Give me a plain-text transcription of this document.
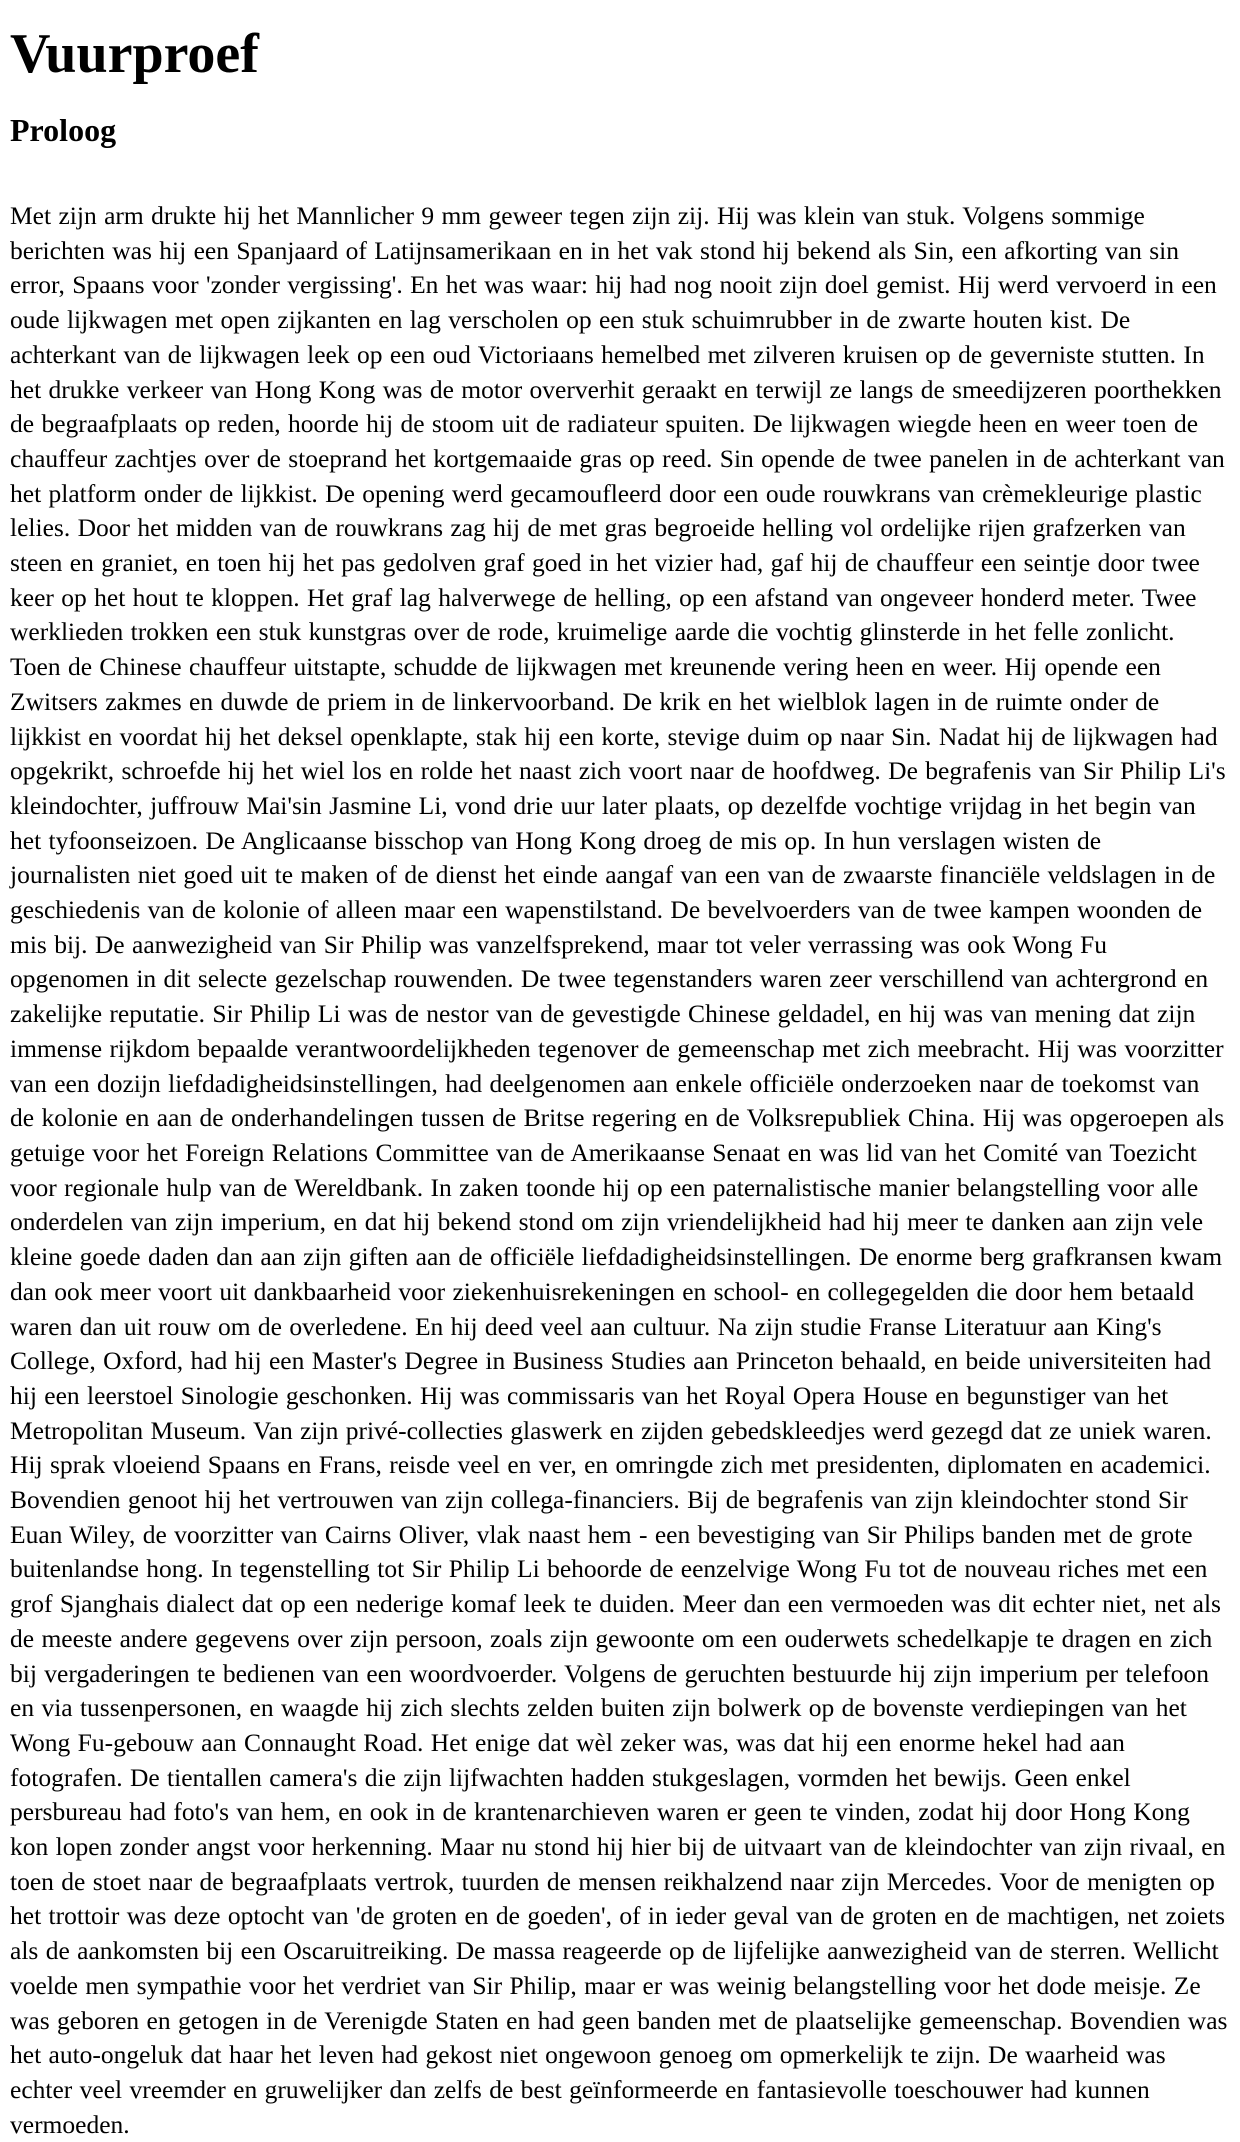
Vuurproef
Proloog

Met zijn arm drukte hij het Mannlicher 9 mm geweer tegen zijn zij. Hij was klein van stuk. Volgens sommige berichten was hij een Spanjaard of Latijnsamerikaan en in het vak stond hij bekend als Sin, een afkorting van sin error, Spaans voor 'zonder vergissing'. En het was waar: hij had nog nooit zijn doel gemist. Hij werd vervoerd in een oude lijkwagen met open zijkanten en lag verscholen op een stuk schuimrubber in de zwarte houten kist. De achterkant van de lijkwagen leek op een oud Victoriaans hemelbed met zilveren kruisen op de geverniste stutten. In het drukke verkeer van Hong Kong was de motor oververhit geraakt en terwijl ze langs de smeedijzeren poorthekken de begraafplaats op reden, hoorde hij de stoom uit de radiateur spuiten. De lijkwagen wiegde heen en weer toen de chauffeur zachtjes over de stoeprand het kortgemaaide gras op reed. Sin opende de twee panelen in de achterkant van het platform onder de lijkkist. De opening werd gecamoufleerd door een oude rouwkrans van crèmekleurige plastic lelies. Door het midden van de rouwkrans zag hij de met gras begroeide helling vol ordelijke rijen grafzerken van steen en graniet, en toen hij het pas gedolven graf goed in het vizier had, gaf hij de chauffeur een seintje door twee keer op het hout te kloppen. Het graf lag halverwege de helling, op een afstand van ongeveer honderd meter. Twee werklieden trokken een stuk kunstgras over de rode, kruimelige aarde die vochtig glinsterde in het felle zonlicht. Toen de Chinese chauffeur uitstapte, schudde de lijkwagen met kreunende vering heen en weer. Hij opende een Zwitsers zakmes en duwde de priem in de linkervoorband. De krik en het wielblok lagen in de ruimte onder de lijkkist en voordat hij het deksel openklapte, stak hij een korte, stevige duim op naar Sin. Nadat hij de lijkwagen had opgekrikt, schroefde hij het wiel los en rolde het naast zich voort naar de hoofdweg. De begrafenis van Sir Philip Li's kleindochter, juffrouw Mai'sin Jasmine Li, vond drie uur later plaats, op dezelfde vochtige vrijdag in het begin van het tyfoonseizoen. De Anglicaanse bisschop van Hong Kong droeg de mis op. In hun verslagen wisten de journalisten niet goed uit te maken of de dienst het einde aangaf van een van de zwaarste financiële veldslagen in de geschiedenis van de kolonie of alleen maar een wapenstilstand. De bevelvoerders van de twee kampen woonden de mis bij. De aanwezigheid van Sir Philip was vanzelfsprekend, maar tot veler verrassing was ook Wong Fu opgenomen in dit selecte gezelschap rouwenden. De twee tegenstanders waren zeer verschillend van achtergrond en zakelijke reputatie. Sir Philip Li was de nestor van de gevestigde Chinese geldadel, en hij was van mening dat zijn immense rijkdom bepaalde verantwoordelijkheden tegenover de gemeenschap met zich meebracht. Hij was voorzitter van een dozijn liefdadigheidsinstellingen, had deelgenomen aan enkele officiële onderzoeken naar de toekomst van de kolonie en aan de onderhandelingen tussen de Britse regering en de Volksrepubliek China. Hij was opgeroepen als getuige voor het Foreign Relations Committee van de Amerikaanse Senaat en was lid van het Comité van Toezicht voor regionale hulp van de Wereldbank. In zaken toonde hij op een paternalistische manier belangstelling voor alle onderdelen van zijn imperium, en dat hij bekend stond om zijn vriendelijkheid had hij meer te danken aan zijn vele kleine goede daden dan aan zijn giften aan de officiële liefdadigheidsinstellingen. De enorme berg grafkransen kwam dan ook meer voort uit dankbaarheid voor ziekenhuisrekeningen en school- en collegegelden die door hem betaald waren dan uit rouw om de overledene. En hij deed veel aan cultuur. Na zijn studie Franse Literatuur aan King's College, Oxford, had hij een Master's Degree in Business Studies aan Princeton behaald, en beide universiteiten had hij een leerstoel Sinologie geschonken. Hij was commissaris van het Royal Opera House en begunstiger van het Metropolitan Museum. Van zijn privé-collecties glaswerk en zijden gebedskleedjes werd gezegd dat ze uniek waren. Hij sprak vloeiend Spaans en Frans, reisde veel en ver, en omringde zich met presidenten, diplomaten en academici. Bovendien genoot hij het vertrouwen van zijn collega-financiers. Bij de begrafenis van zijn kleindochter stond Sir Euan Wiley, de voorzitter van Cairns Oliver, vlak naast hem - een bevestiging van Sir Philips banden met de grote buitenlandse hong. In tegenstelling tot Sir Philip Li behoorde de eenzelvige Wong Fu tot de nouveau riches met een grof Sjanghais dialect dat op een nederige komaf leek te duiden. Meer dan een vermoeden was dit echter niet, net als de meeste andere gegevens over zijn persoon, zoals zijn gewoonte om een ouderwets schedelkapje te dragen en zich bij vergaderingen te bedienen van een woordvoerder. Volgens de geruchten bestuurde hij zijn imperium per telefoon en via tussenpersonen, en waagde hij zich slechts zelden buiten zijn bolwerk op de bovenste verdiepingen van het Wong Fu-gebouw aan Connaught Road. Het enige dat wèl zeker was, was dat hij een enorme hekel had aan fotografen. De tientallen camera's die zijn lijfwachten hadden stukgeslagen, vormden het bewijs. Geen enkel persbureau had foto's van hem, en ook in de krantenarchieven waren er geen te vinden, zodat hij door Hong Kong kon lopen zonder angst voor herkenning. Maar nu stond hij hier bij de uitvaart van de kleindochter van zijn rivaal, en toen de stoet naar de begraafplaats vertrok, tuurden de mensen reikhalzend naar zijn Mercedes. Voor de menigten op het trottoir was deze optocht van 'de groten en de goeden', of in ieder geval van de groten en de machtigen, net zoiets als de aankomsten bij een Oscaruitreiking. De massa reageerde op de lijfelijke aanwezigheid van de sterren. Wellicht voelde men sympathie voor het verdriet van Sir Philip, maar er was weinig belangstelling voor het dode meisje. Ze was geboren en getogen in de Verenigde Staten en had geen banden met de plaatselijke gemeenschap. Bovendien was het auto-ongeluk dat haar het leven had gekost niet ongewoon genoeg om opmerkelijk te zijn. De waarheid was echter veel vreemder en gruwelijker dan zelfs de best geïnformeerde en fantasievolle toeschouwer had kunnen vermoeden.
